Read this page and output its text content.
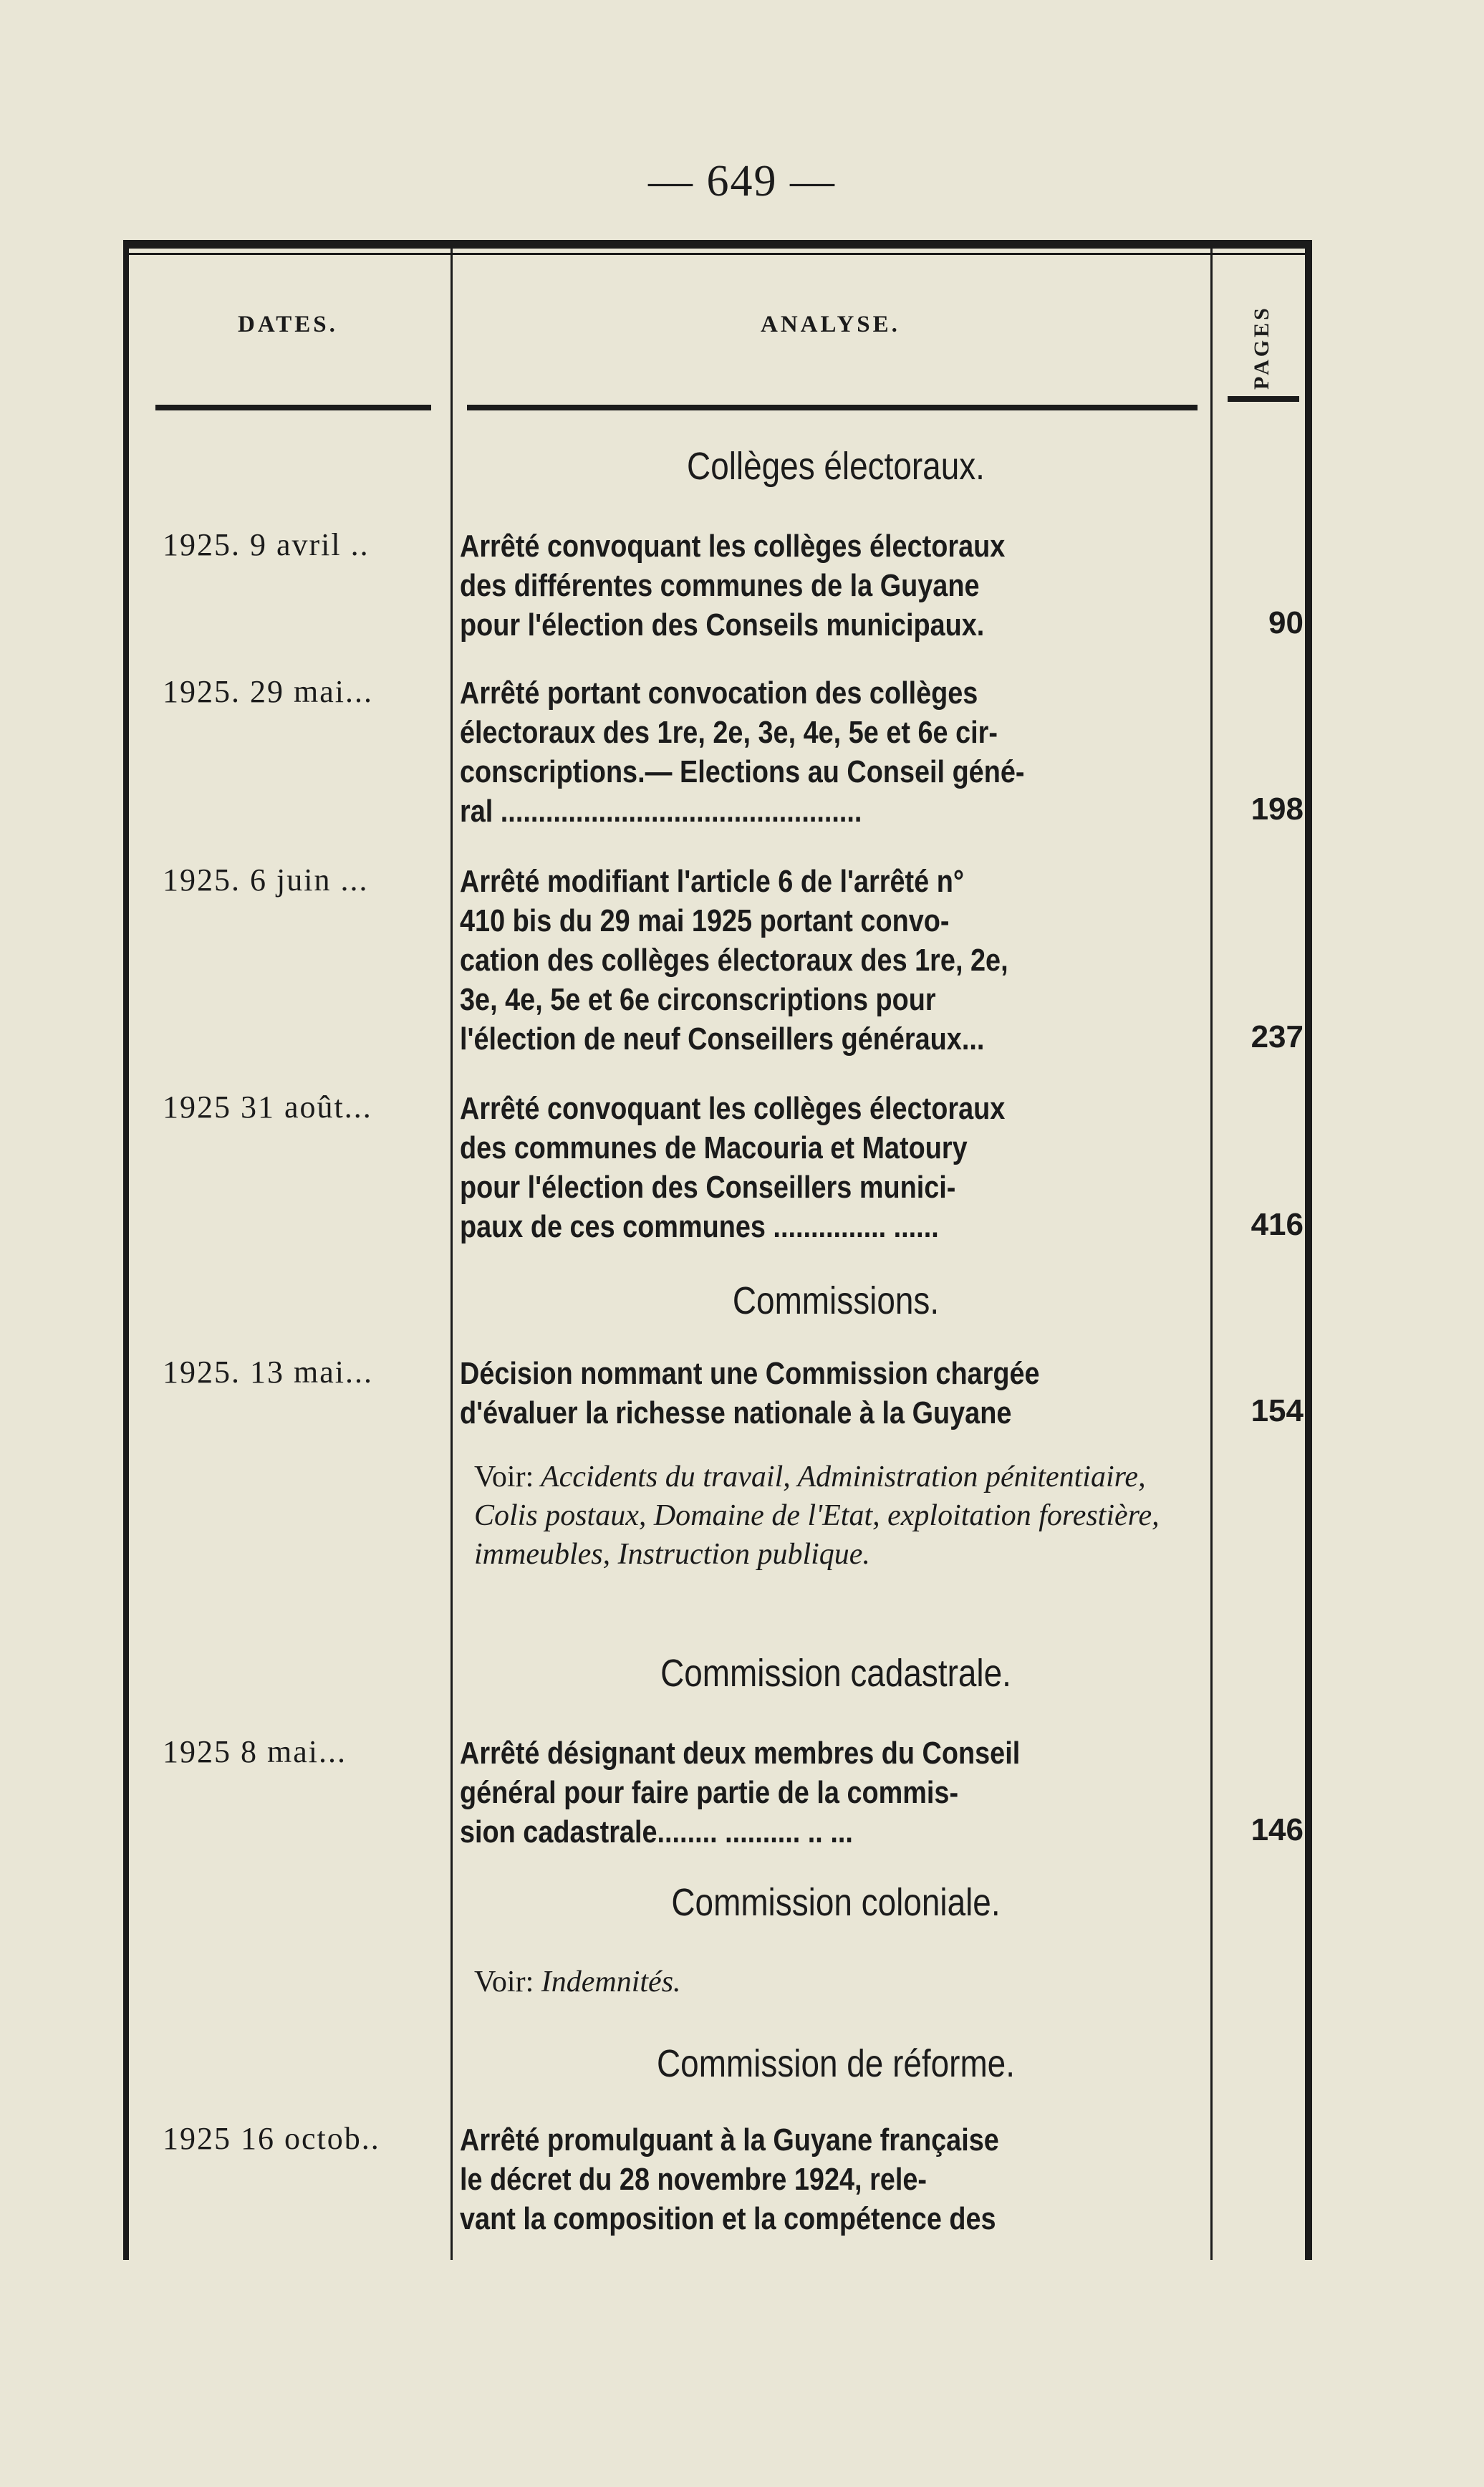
— 649 —
DATES.	ANALYSE.	PAGES
Collèges électoraux.
1925. 9 avril ..	Arrêté convoquant les collèges électoraux
des différentes communes de la Guyane
pour l'élection des Conseils municipaux.	90
1925. 29 mai...	Arrêté portant convocation des collèges
électoraux des 1re, 2e, 3e, 4e, 5e et 6e cir-
conscriptions.— Elections au Conseil géné-
ral ................................................	198
1925. 6 juin ...	Arrêté modifiant l'article 6 de l'arrêté n°
410 bis du 29 mai 1925 portant convo-
cation des collèges électoraux des 1re, 2e,
3e, 4e, 5e et 6e circonscriptions pour
l'élection de neuf Conseillers généraux...	237
1925 31 août...	Arrêté convoquant les collèges électoraux
des communes de Macouria et Matoury
pour l'élection des Conseillers munici-
paux de ces communes ............... ......	416
Commissions.
1925. 13 mai...	Décision nommant une Commission chargée
d'évaluer la richesse nationale à la Guyane	154
Voir: Accidents du travail, Administration pénitentiaire, Colis postaux, Domaine de l'Etat, exploitation forestière, immeubles, Instruction publique.
Commission cadastrale.
1925 8 mai...	Arrêté désignant deux membres du Conseil
général pour faire partie de la commis-
sion cadastrale........ .......... .. ...	146
Commission coloniale.
Voir: Indemnités.
Commission de réforme.
1925 16 octob..	Arrêté promulguant à la Guyane française
le décret du 28 novembre 1924, rele-
vant la composition et la compétence des
